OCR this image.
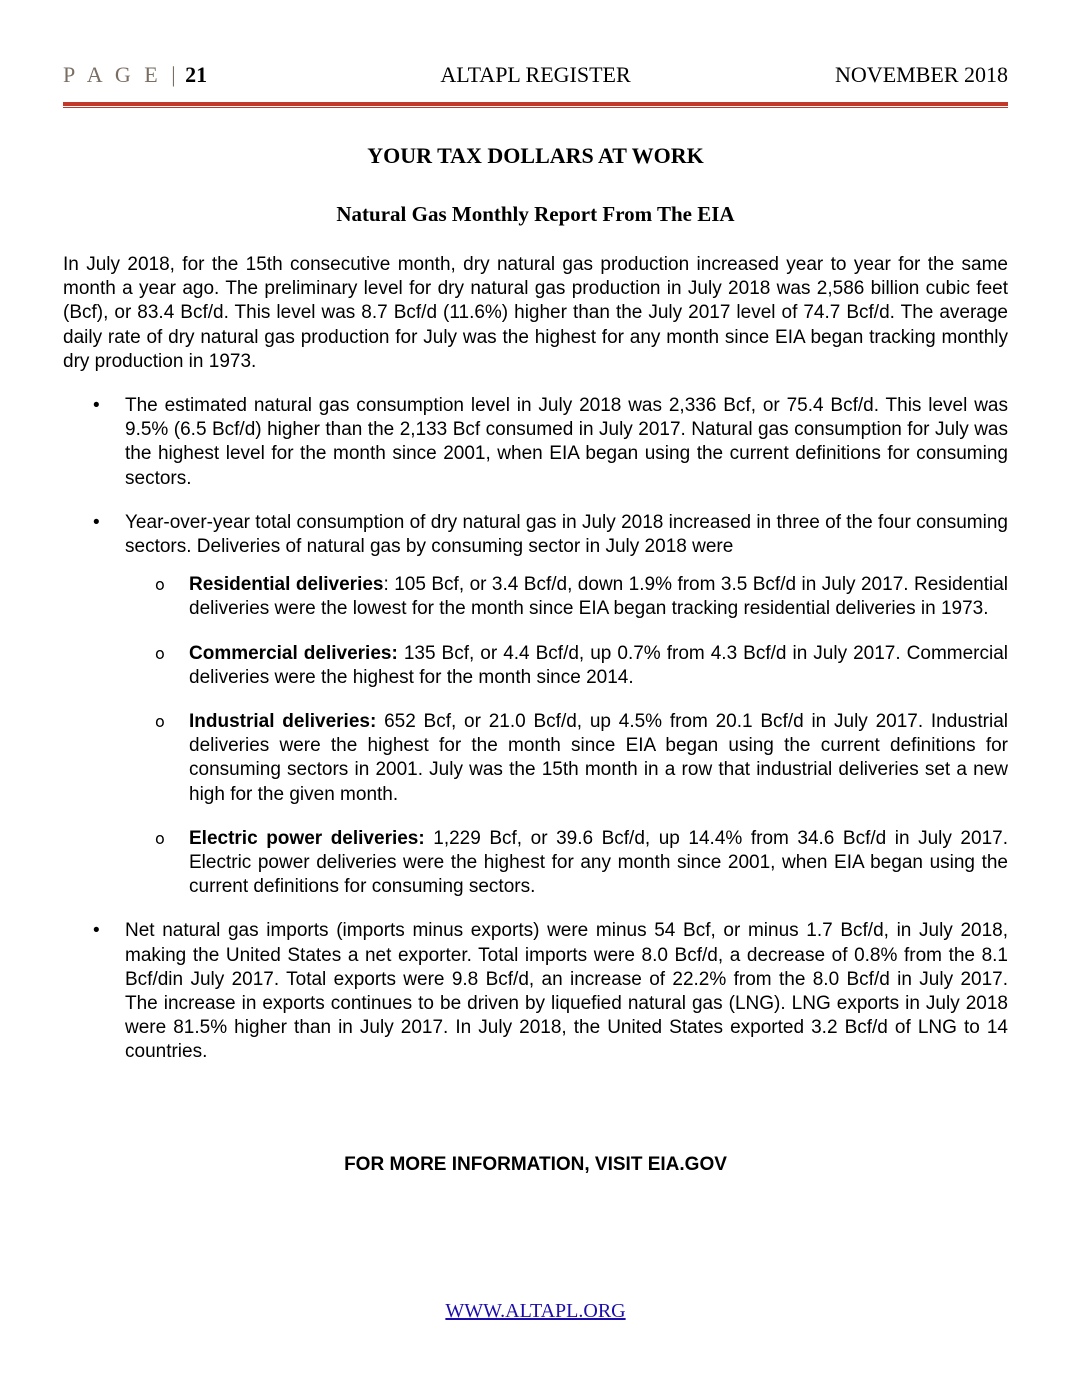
P A G E | 21	ALTAPL REGISTER	NOVEMBER 2018
YOUR TAX DOLLARS AT WORK
Natural Gas Monthly Report From The EIA

In July 2018, for the 15th consecutive month, dry natural gas production increased year to year for the same month a year ago. The preliminary level for dry natural gas production in July 2018 was 2,586 billion cubic feet (Bcf), or 83.4 Bcf/d. This level was 8.7 Bcf/d (11.6%) higher than the July 2017 level of 74.7 Bcf/d. The average daily rate of dry natural gas production for July was the highest for any month since EIA began tracking monthly dry production in 1973.

• The estimated natural gas consumption level in July 2018 was 2,336 Bcf, or 75.4 Bcf/d. This level was 9.5% (6.5 Bcf/d) higher than the 2,133 Bcf consumed in July 2017. Natural gas consumption for July was the highest level for the month since 2001, when EIA began using the current definitions for consuming sectors.
• Year-over-year total consumption of dry natural gas in July 2018 increased in three of the four consuming sectors. Deliveries of natural gas by consuming sector in July 2018 were
o Residential deliveries: 105 Bcf, or 3.4 Bcf/d, down 1.9% from 3.5 Bcf/d in July 2017. Residential deliveries were the lowest for the month since EIA began tracking residential deliveries in 1973.
o Commercial deliveries: 135 Bcf, or 4.4 Bcf/d, up 0.7% from 4.3 Bcf/d in July 2017. Commercial deliveries were the highest for the month since 2014.
o Industrial deliveries: 652 Bcf, or 21.0 Bcf/d, up 4.5% from 20.1 Bcf/d in July 2017. Industrial deliveries were the highest for the month since EIA began using the current definitions for consuming sectors in 2001. July was the 15th month in a row that industrial deliveries set a new high for the given month.
o Electric power deliveries: 1,229 Bcf, or 39.6 Bcf/d, up 14.4% from 34.6 Bcf/d in July 2017. Electric power deliveries were the highest for any month since 2001, when EIA began using the current definitions for consuming sectors.
• Net natural gas imports (imports minus exports) were minus 54 Bcf, or minus 1.7 Bcf/d, in July 2018, making the United States a net exporter. Total imports were 8.0 Bcf/d, a decrease of 0.8% from the 8.1 Bcf/din July 2017. Total exports were 9.8 Bcf/d, an increase of 22.2% from the 8.0 Bcf/d in July 2017. The increase in exports continues to be driven by liquefied natural gas (LNG). LNG exports in July 2018 were 81.5% higher than in July 2017. In July 2018, the United States exported 3.2 Bcf/d of LNG to 14 countries.
FOR MORE INFORMATION, VISIT EIA.GOV
WWW.ALTAPL.ORG
